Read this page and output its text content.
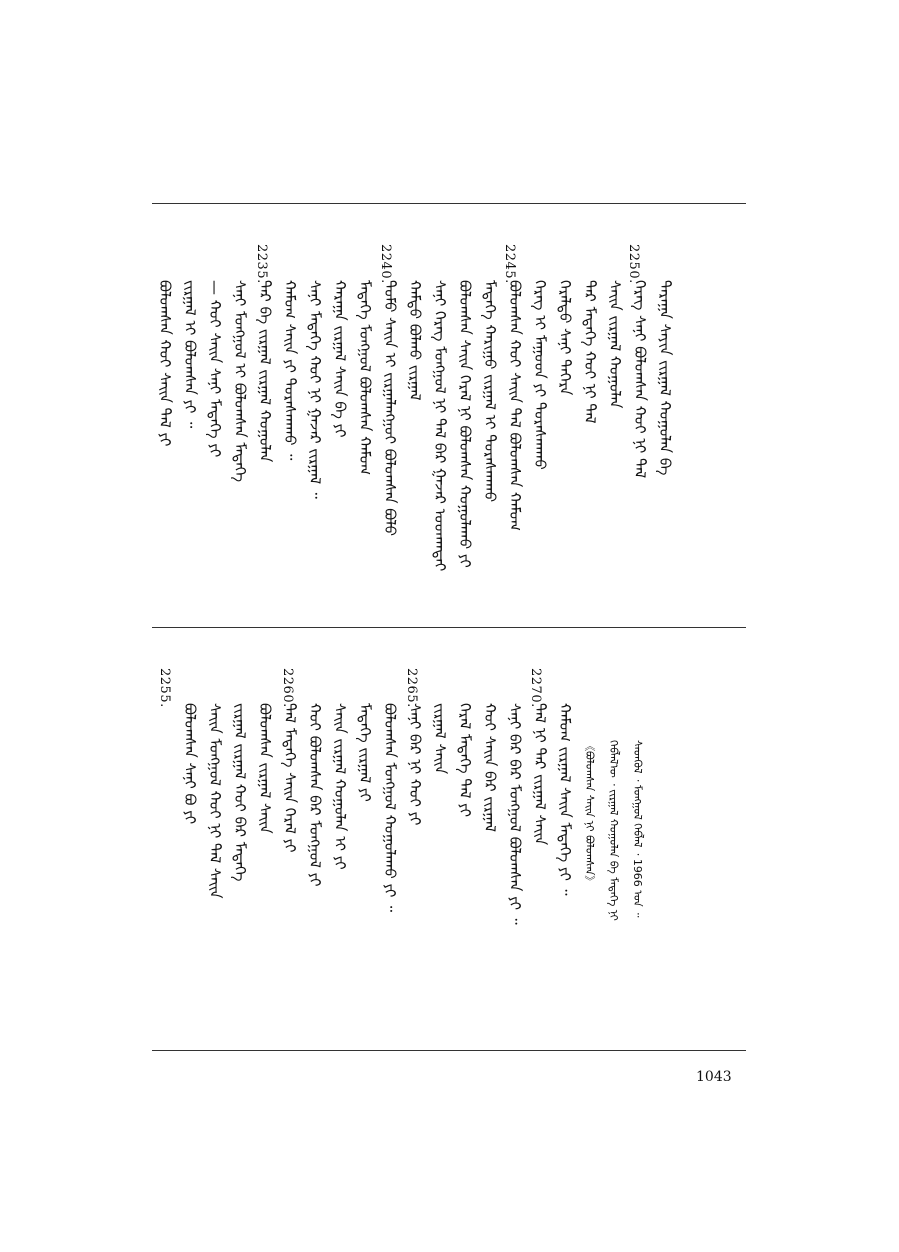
2250.
2245.
2240.
2235.
ᠳᠠᠷᠠᠭᠠ ᠰᠠᠶᠢᠨ ᠵᠢᠷᠭᠠᠯ ᠬᠣᠭᠣᠯᠠᠨ ᠪᠡ
ᠬᠡᠷᠡᠭ ᠰᠠᠨ᠋ᠢ ᠪᠣᠯᠣᠭᠰᠠᠨ ᠬᠣᠢ ᠨᠢ ᠲᠠᠯ
ᠰᠠᠢᠨ ᠵᠢᠷᠭᠠᠯ ᠬᠣᠭᠣᠯᠠᠨ
ᠲᠡᠷ ᠮᠡᠳᠡᠭᠡ ᠬᠣᠢ ᠨᠢ ᠲᠠᠯ
ᠭᠡᠷᠡᠯᠲᠦ ᠰᠠᠨ᠋ᠢ ᠳᠡᠬᠡᠷᠡ
ᠭᠡᠷᠡᠭ ᠢ ᠮᠠᠭᠤᠳ ᠶᠢ ᠳᠤᠷᠠᠰᠬᠠᠬᠤ
ᠪᠣᠯᠣᠭᠰᠠᠨ ᠬᠣᠢ ᠰᠠᠢᠨ ᠲᠠᠯ ᠪᠣᠯᠣᠭᠰᠠᠨ ᠬᠠᠮᠤᠭ
ᠮᠡᠳᠡᠭᠡ ᠬᠠᠷᠢᠭᠤ ᠵᠢᠷᠭᠠᠯ ᠢ ᠳᠤᠷᠠᠰᠬᠠᠬᠤ
ᠪᠣᠯᠣᠭᠰᠠᠨ ᠰᠠᠢᠨ ᠭᠡᠷᠡᠯ ᠨᠢ ᠪᠣᠯᠣᠭᠰᠠᠨ ᠬᠣᠭᠣᠯᠠᠬᠤ ᠶᠢ
ᠰᠠᠨ᠋ᠢ ᠬᠡᠷᠡᠭ ᠮᠣᠩᠭᠣᠯ ᠨᠢ ᠲᠠᠯ ᠪᠡᠷ ᠭᠠᠵᠠᠷ ᠤᠳᠬᠠᠲᠠᠢ
ᠬᠠᠮᠲᠤ ᠪᠣᠯᠬᠤ ᠵᠢᠷᠭᠠᠯ
ᠲᠤᠮᠤ ᠰᠠᠢᠨ ᠢ ᠵᠢᠷᠭᠠᠯᠠᠩᠭᠤᠢ ᠪᠣᠯᠣᠭᠰᠠᠨ ᠪᠣᠯᠣ
ᠮᠡᠳᠡᠭᠡ ᠮᠣᠩᠭᠣᠯ ᠪᠣᠯᠣᠭᠰᠠᠨ ᠬᠠᠮᠤᠭ
ᠬᠠᠷᠠᠭᠠ ᠵᠢᠷᠭᠠᠯ ᠰᠠᠢᠨ ᠪᠠ ᠶᠢ
ᠰᠠᠨ᠋ᠢ ᠮᠡᠳᠡᠭᠡ ᠬᠣᠢ ᠨᠢ ᠭᠠᠵᠠᠷ ᠵᠢᠷᠭᠠᠯ ᠃
ᠬᠠᠮᠤᠭ ᠰᠠᠢᠨ ᠶᠢ ᠳᠤᠷᠠᠰᠬᠠᠬᠤ ᠃
ᠲᠡᠷ ᠪᠡ ᠵᠢᠷᠭᠠᠯ ᠵᠢᠷᠭᠠᠯ ᠬᠣᠭᠣᠯᠠᠨ
ᠰᠠᠨ᠋ᠢ ᠮᠣᠩᠭᠣᠯ ᠢ ᠪᠣᠯᠣᠭᠰᠠᠨ ᠮᠡᠳᠡᠭᠡ
— ᠬᠣᠢ ᠰᠠᠢᠨ ᠰᠠᠨ᠋ᠢ ᠮᠡᠳᠡᠭᠡ ᠶᠢ
ᠵᠢᠷᠭᠠᠯ ᠢ ᠪᠣᠯᠣᠭᠰᠠᠨ ᠶᠢ ᠃
ᠪᠣᠯᠣᠭᠰᠠᠨ ᠬᠣᠢ ᠰᠠᠢᠨ ᠲᠠᠯ ᠶᠢ
ᠰᠡᠳᠬᠦᠯ ᠂ ᠮᠣᠩᠭᠣᠯ ᠬᠡᠪᠯᠡᠯ ᠂ 1966 ᠣᠨ ᠃
ᠬᠡᠪᠯᠡᠯ᠎ᠦ ᠂ ᠵᠢᠷᠭᠠᠯ ᠬᠣᠭᠣᠯᠠᠨ ᠪᠡ ᠮᠡᠳᠡᠭᠡ ᠨᠢ
《ᠪᠣᠯᠣᠭᠰᠠᠨ ᠰᠠᠢᠨ ᠨᠢ ᠪᠣᠯᠣᠭᠰᠠᠨ》
2270.
2265.
2260.
2255.
ᠬᠠᠮᠤᠭ ᠵᠢᠷᠭᠠᠯ ᠰᠠᠢᠨ ᠮᠡᠳᠡᠭᠡ ᠶᠢ ᠃
ᠲᠠᠯ ᠨᠢ ᠲᠡᠷ ᠵᠢᠷᠭᠠᠯ ᠰᠠᠢᠨ
ᠰᠠᠨ᠋ᠢ ᠪᠠᠷ ᠪᠡᠷ ᠮᠣᠩᠭᠣᠯ ᠪᠣᠯᠣᠭᠰᠠᠨ ᠶᠢ ᠃
ᠬᠣᠢ ᠰᠠᠢᠨ ᠪᠡᠷ ᠵᠢᠷᠭᠠᠯ
ᠭᠡᠷᠡᠯ ᠮᠡᠳᠡᠭᠡ ᠲᠠᠯ ᠶᠢ
ᠵᠢᠷᠭᠠᠯ ᠰᠠᠢᠨ
ᠰᠠᠨ᠋ᠢ ᠪᠠᠷ ᠨᠢ ᠬᠣᠢ ᠶᠢ
ᠪᠣᠯᠣᠭᠰᠠᠨ ᠮᠣᠩᠭᠣᠯ ᠬᠣᠭᠣᠯᠠᠬᠤ ᠶᠢ ᠃
ᠮᠡᠳᠡᠭᠡ ᠵᠢᠷᠭᠠᠯ ᠶᠢ
ᠰᠠᠢᠨ ᠵᠢᠷᠭᠠᠯ ᠬᠣᠭᠣᠯᠠᠨ ᠢ ᠶᠢ
ᠬᠣᠢ ᠪᠣᠯᠣᠭᠰᠠᠨ ᠪᠡᠷ ᠮᠣᠩᠭᠣᠯ ᠶᠢ
ᠲᠠᠯ ᠮᠡᠳᠡᠭᠡ ᠰᠠᠢᠨ ᠭᠡᠷᠡᠯ ᠶᠢ
ᠪᠣᠯᠣᠭᠰᠠᠨ ᠵᠢᠷᠭᠠᠯ ᠰᠠᠢᠨ
ᠵᠢᠷᠭᠠᠯ ᠵᠢᠷᠭᠠᠯ ᠬᠣᠢ ᠪᠡᠷ ᠮᠡᠳᠡᠭᠡ
ᠰᠠᠢᠨ ᠮᠣᠩᠭᠣᠯ ᠬᠣᠢ ᠨᠢ ᠲᠠᠯ ᠰᠠᠢᠨ
ᠪᠣᠯᠣᠭᠰᠠᠨ ᠰᠠᠨ᠋ᠢ ᠪᠣ ᠶᠢ
1043
